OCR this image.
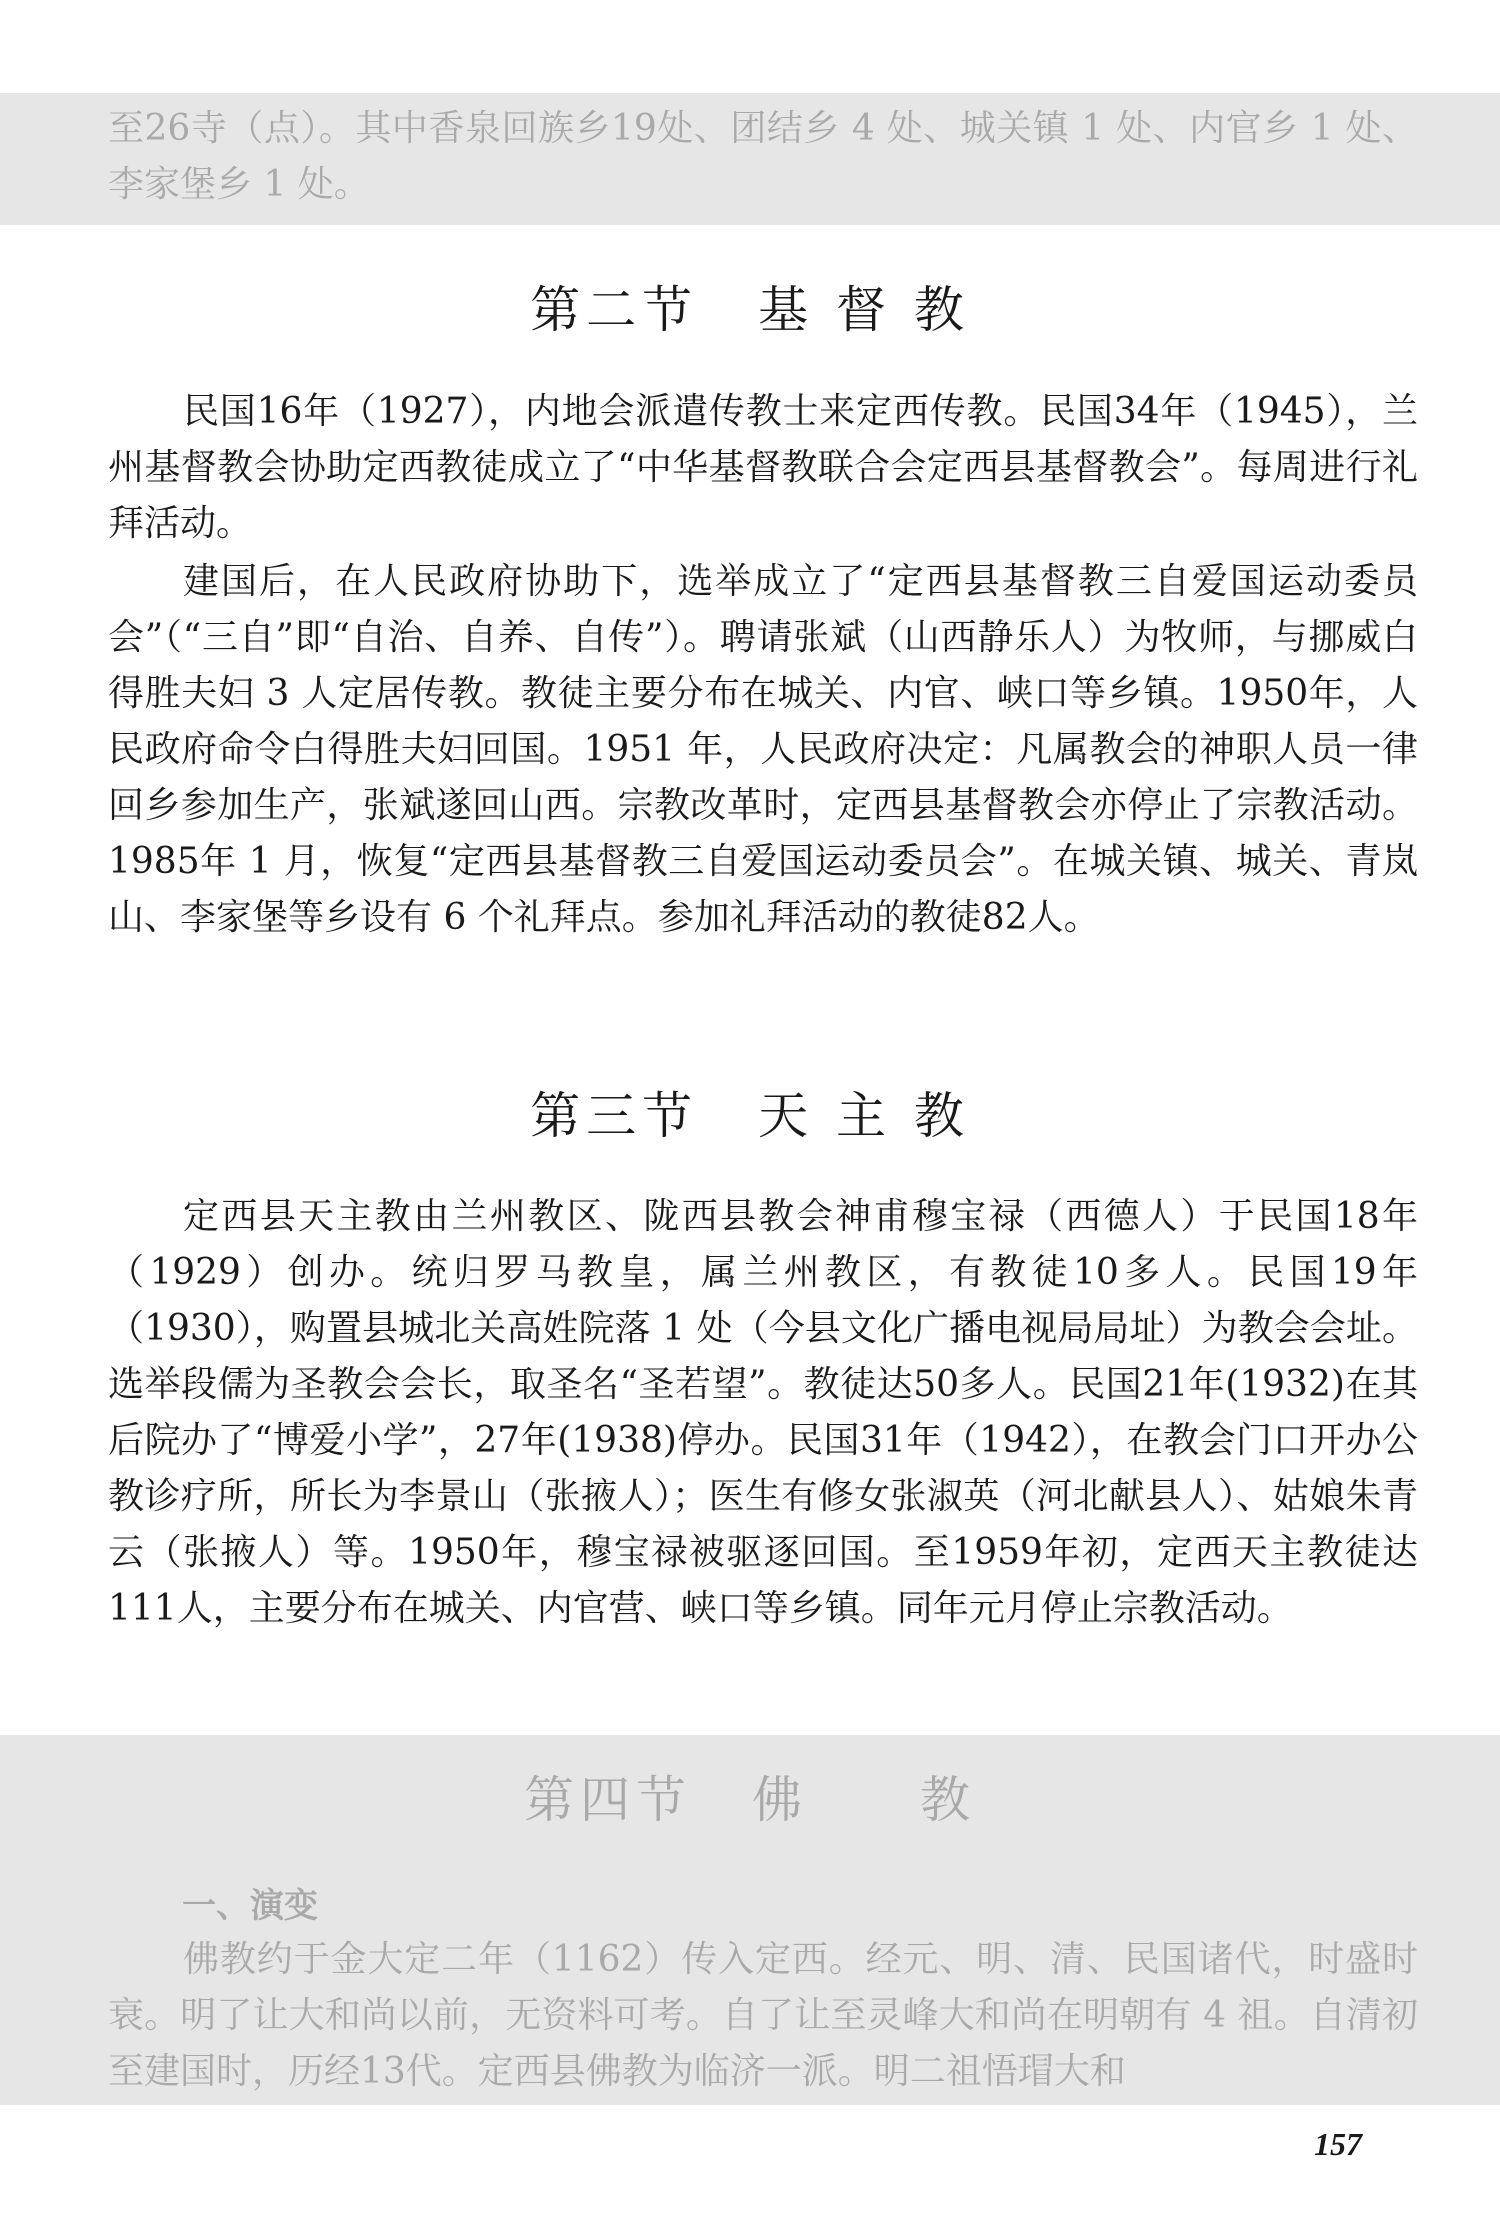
至26寺（点）。其中香泉回族乡19处、团结乡 4 处、城关镇 1 处、内官乡 1 处、李家堡乡 1 处。

第二节 基 督 教

民国16年（1927），内地会派遣传教士来定西传教。民国34年（1945），兰州基督教会协助定西教徒成立了“中华基督教联合会定西县基督教会”。每周进行礼拜活动。

建国后，在人民政府协助下，选举成立了“定西县基督教三自爱国运动委员会”（“三自”即“自治、自养、自传”）。聘请张斌（山西静乐人）为牧师，与挪威白得胜夫妇 3 人定居传教。教徒主要分布在城关、内官、峡口等乡镇。1950年，人民政府命令白得胜夫妇回国。1951 年，人民政府决定：凡属教会的神职人员一律回乡参加生产，张斌遂回山西。宗教改革时，定西县基督教会亦停止了宗教活动。1985年 1 月，恢复“定西县基督教三自爱国运动委员会”。在城关镇、城关、青岚山、李家堡等乡设有 6 个礼拜点。参加礼拜活动的教徒82人。

第三节 天 主 教

定西县天主教由兰州教区、陇西县教会神甫穆宝禄（西德人）于民国18年（1929）创办。统归罗马教皇，属兰州教区，有教徒10多人。民国19年（1930），购置县城北关高姓院落 1 处（今县文化广播电视局局址）为教会会址。选举段儒为圣教会会长，取圣名“圣若望”。教徒达50多人。民国21年(1932)在其后院办了“博爱小学”，27年(1938)停办。民国31年（1942），在教会门口开办公教诊疗所，所长为李景山（张掖人）；医生有修女张淑英（河北献县人）、姑娘朱青云（张掖人）等。1950年，穆宝禄被驱逐回国。至1959年初，定西天主教徒达111人，主要分布在城关、内官营、峡口等乡镇。同年元月停止宗教活动。

第四节 佛　　教
一、演变

佛教约于金大定二年（1162）传入定西。经元、明、清、民国诸代，时盛时衰。明了让大和尚以前，无资料可考。自了让至灵峰大和尚在明朝有 4 祖。自清初至建国时，历经13代。定西县佛教为临济一派。明二祖悟瑁大和

157
